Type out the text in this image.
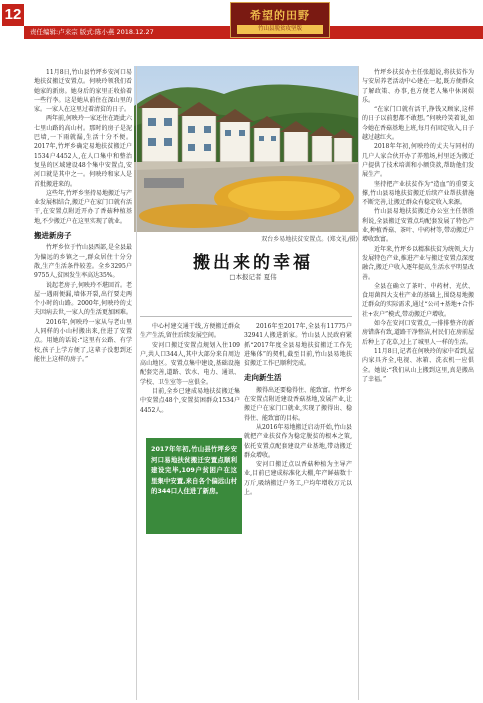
12
责任编辑:卢来宗 版式:陈小燕 2018.12.27
希望的田野
竹山县脱贫攻坚版
双台乡易地扶贫安置点。(郑文礼/摄)
搬出来的幸福
□本报记者 夏伟

11月8日,竹山县竹坪乡安河口易地扶贫搬迁安置点。何映玲领我们看她家的新房。她身后的家里正收拾着一些行李。这是她从前住在深山里的家。一家人在这里过着清贫的日子。

两年前,何映玲一家还住在距此六七里山路的高山村。那时的房子是泥巴墙,一下雨就漏,生活十分不便。2017年,竹坪乡确定易地扶贫搬迁户1534户4452人,在人口集中和整治复垦的区域建设48个集中安置点,安河口就是其中之一。何映玲和家人是首批搬进来的。

这些年,竹坪乡坚持易地搬迁与产业发展相结合,搬迁户在家门口就有活干,在安置点附近开办了香菇种植基地,不少搬迁户在这里实现了就业。

搬进新房子

竹坪乡位于竹山县西部,是全县最为偏远的乡镇之一,群众居住十分分散,生产生活条件较差。全乡3295户9755人,贫困发生率高达35%。

说起老房子,何映玲不堪回首。老屋一遇雨便漏,墙体开裂,出行要走两个小时的山路。2000年,何映玲的丈夫因病去世,一家人的生活更加困难。

2016年,何映玲一家从与老山里人同样的小山村搬出来,住进了安置点。用她的话说:“这里有公路、有学校,孩子上学方便了,这辈子没想到还能住上这样的房子。”

中心村建交通干线,方便搬迁群众生产生活,留住后续发展空间。

安河口搬迁安置点规划入住109户,共人口344人,其中大部分来自周边高山地区。安置点集中建设,基础设施配套完善,道路、饮水、电力、通讯、学校、卫生室等一应俱全。

目前,全乡已建成易地扶贫搬迁集中安置点48个,安置贫困群众1534户4452人。

2017年年初,竹山县竹坪乡安河口易地扶贫搬迁安置点顺利建设完毕,109户贫困户在这里集中安置,来自各个偏远山村的344口人住进了新房。

2016年至2017年,全县有11775户32941人搬进新家。竹山县人民政府紧抓“2017年度全县易地扶贫搬迁工作先进集体”的契机,截至目前,竹山县易地扶贫搬迁工作已顺利完成。

走向新生活

搬得出还要稳得住、能致富。竹坪乡在安置点附近建设香菇基地,发展产业,让搬迁户在家门口就业,实现了搬得出、稳得住、能致富的目标。

从2016年易地搬迁启动开始,竹山县就把产业扶贫作为稳定脱贫的根本之策,依托安置点配套建设产业基地,带动搬迁群众增收。

安河口搬迁点以香菇种植为主导产业,目前已建成标准化大棚,年产鲜菇数十万斤,吸纳搬迁户务工,户均年增收万元以上。

竹坪乡扶贫办主任张超说,将扶贫作为与安居养老活动中心建在一起,既方便群众了解政策、办事,也方便老人集中休闲娱乐。

“在家门口就有活干,挣钱又顾家,这样的日子以前想都不敢想。”何映玲笑着说,如今她在香菇基地上班,每月有固定收入,日子越过越红火。

2018年年初,何映玲的丈夫与同村的几户人家合伙开办了养殖场,村里还为搬迁户提供了技术培训和小额贷款,帮助他们发展生产。

坚持把产业扶贫作为“造血”的重要支撑,竹山县易地扶贫搬迁后续产业帮扶措施不断完善,让搬迁群众有稳定收入来源。

竹山县易地扶贫搬迁办公室主任蔡胜利说,全县搬迁安置点均配套发展了特色产业,种植香菇、茶叶、中药材等,带动搬迁户增收致富。

近年来,竹坪乡以精准扶贫为统领,大力发展特色产业,推进产业与搬迁安置点深度融合,搬迁户收入逐年提高,生活水平明显改善。

全县在确立了茶叶、中药材、光伏、食用菌四大支柱产业的基础上,围绕易地搬迁群众的实际需求,通过“公司+基地+合作社+农户”模式,带动搬迁户增收。

如今在安河口安置点,一排排整齐的新房错落有致,道路干净整洁,村民们在房前屋后种上了花草,过上了城里人一样的生活。

11月8日,记者在何映玲的家中看到,屋内家具齐全,电视、冰箱、洗衣机一应俱全。她说:“我们从山上搬到这里,真是搬出了幸福。”
